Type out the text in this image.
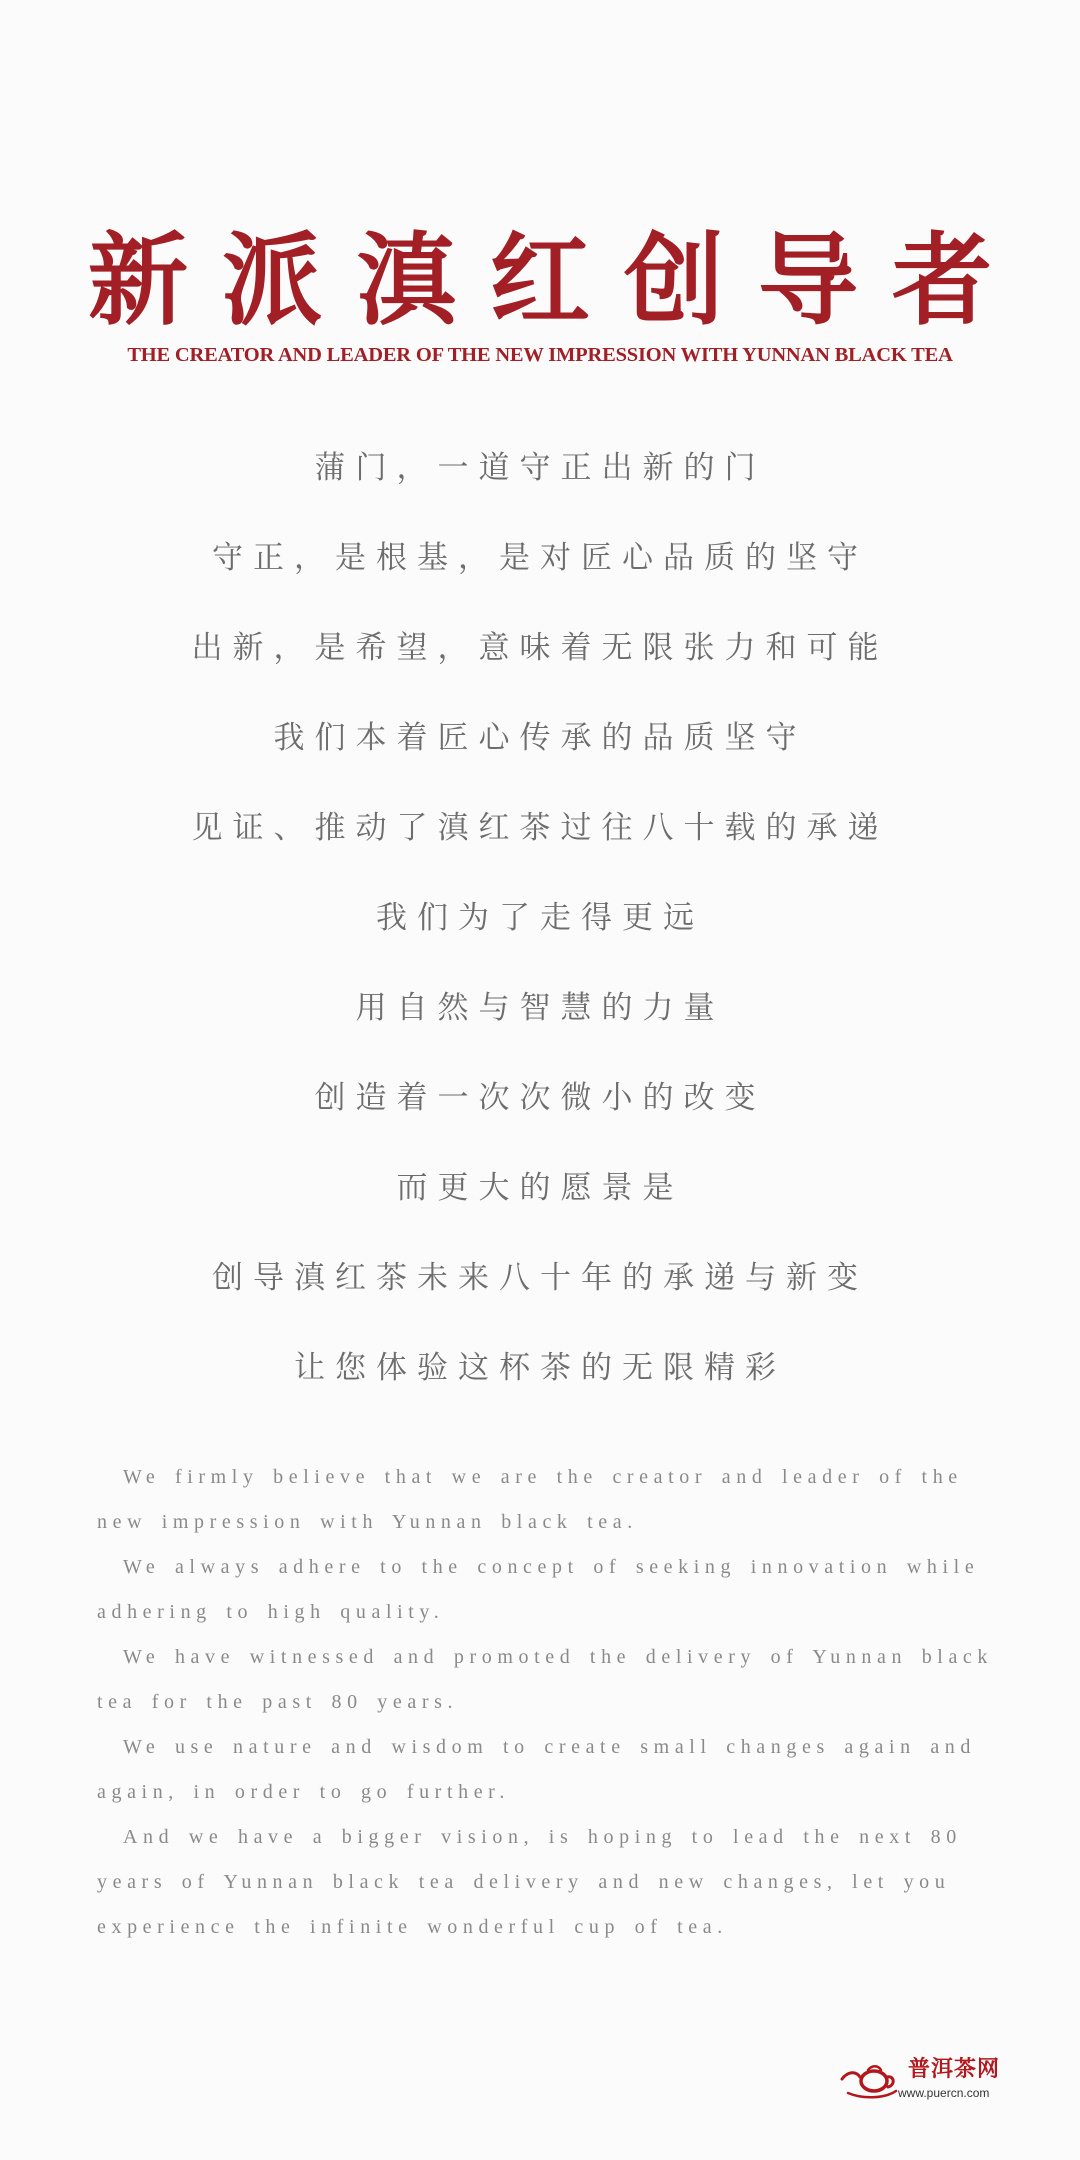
新派滇红创导者
THE CREATOR AND LEADER OF THE NEW IMPRESSION WITH YUNNAN BLACK TEA
蒲门，一道守正出新的门
守正，是根基，是对匠心品质的坚守
出新，是希望，意味着无限张力和可能
我们本着匠心传承的品质坚守
见证、推动了滇红茶过往八十载的承递
我们为了走得更远
用自然与智慧的力量
创造着一次次微小的改变
而更大的愿景是
创导滇红茶未来八十年的承递与新变
让您体验这杯茶的无限精彩
We firmly believe that we are the creator and leader of the new impression with Yunnan black tea.
We always adhere to the concept of seeking innovation while adhering to high quality.
We have witnessed and promoted the delivery of Yunnan black tea for the past 80 years.
We use nature and wisdom to create small changes again and again, in order to go further.
And we have a bigger vision, is hoping to lead the next 80 years of Yunnan black tea delivery and new changes, let you experience the infinite wonderful cup of tea.
普洱茶网
www.puercn.com
